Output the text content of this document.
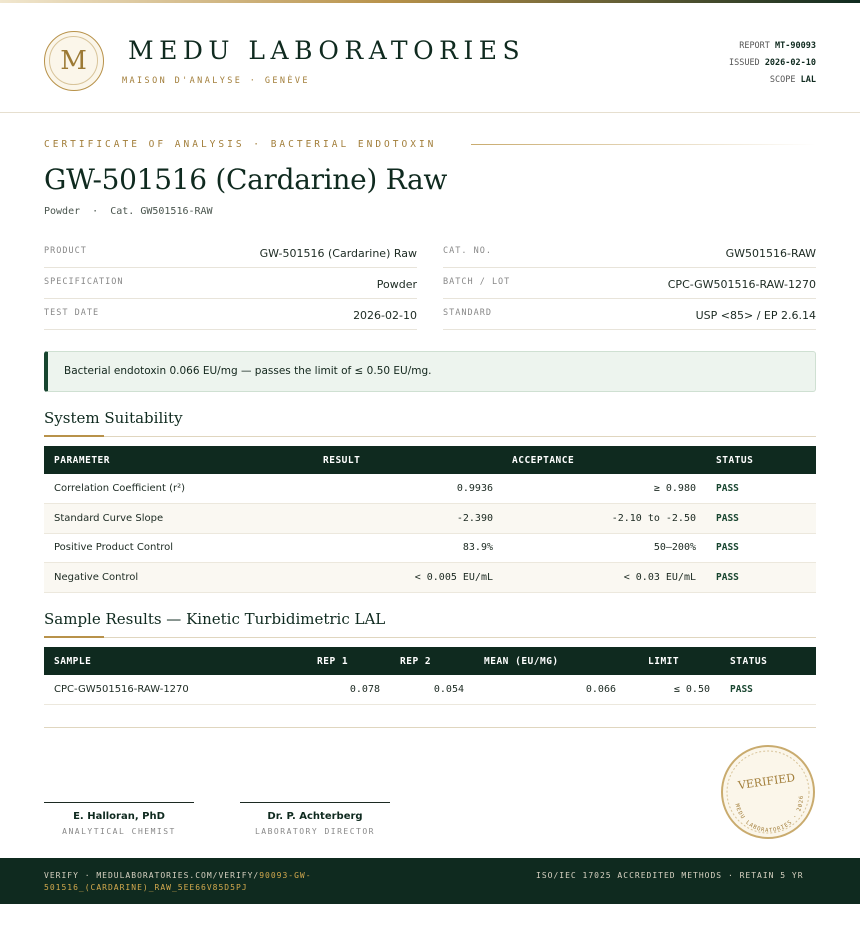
M	MEDU LABORATORIES
MAISON D'ANALYSE · GENÈVE
REPORT MT-90093
ISSUED 2026-02-10
SCOPE LAL
CERTIFICATE OF ANALYSIS · BACTERIAL ENDOTOXIN
GW-501516 (Cardarine) Raw
Powder  ·  Cat. GW501516-RAW
PRODUCT	GW-501516 (Cardarine) Raw
SPECIFICATION	Powder
TEST DATE	2026-02-10
CAT. NO.	GW501516-RAW
BATCH / LOT	CPC-GW501516-RAW-1270
STANDARD	USP <85> / EP 2.6.14
Bacterial endotoxin 0.066 EU/mg — passes the limit of ≤ 0.50 EU/mg.
System Suitability
PARAMETER	RESULT	ACCEPTANCE	STATUS
Correlation Coefficient (r²)	0.9936	≥ 0.980	PASS
Standard Curve Slope	-2.390	-2.10 to -2.50	PASS
Positive Product Control	83.9%	50–200%	PASS
Negative Control	< 0.005 EU/mL	< 0.03 EU/mL	PASS
Sample Results — Kinetic Turbidimetric LAL
SAMPLE	REP 1	REP 2	MEAN (EU/MG)	LIMIT	STATUS
CPC-GW501516-RAW-1270	0.078	0.054	0.066	≤ 0.50	PASS
E. Halloran, PhD
ANALYTICAL CHEMIST
Dr. P. Achterberg
LABORATORY DIRECTOR
VERIFIED
MEDU LABORATORIES · 2026
VERIFY · MEDULABORATORIES.COM/VERIFY/90093-GW-501516_(CARDARINE)_RAW_5EE66V85D5PJ
ISO/IEC 17025 ACCREDITED METHODS · RETAIN 5 YR
